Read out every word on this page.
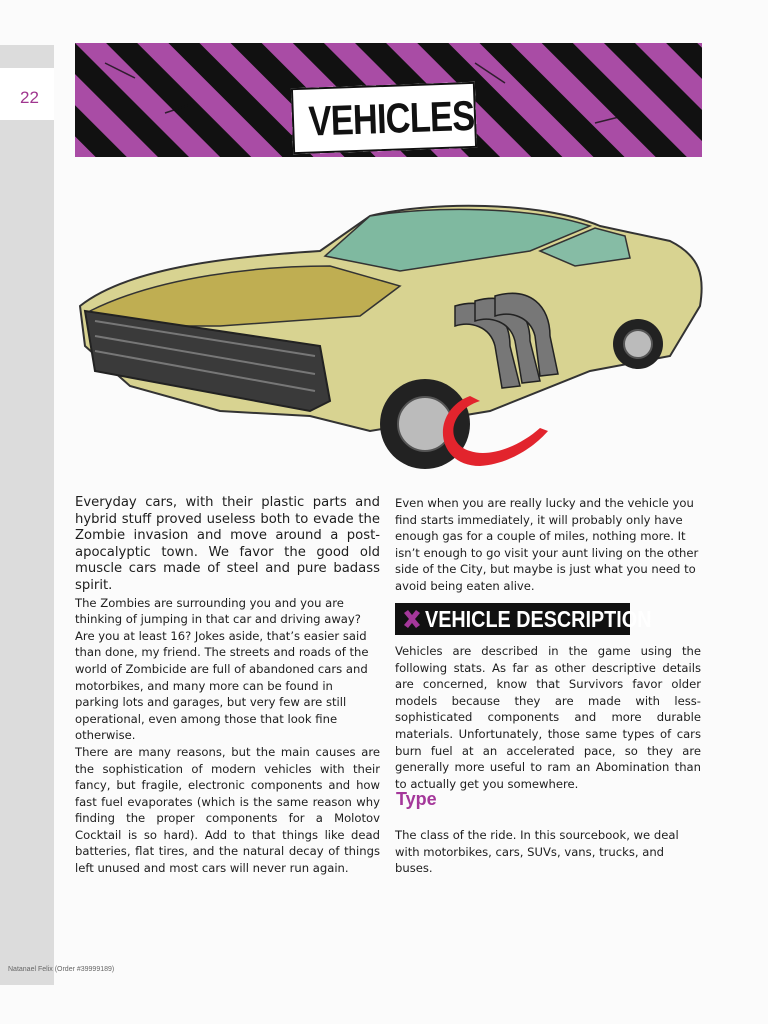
22	VEHICLES

Everyday cars, with their plastic parts and hybrid stuff proved useless both to evade the Zombie invasion and move around a post-apocalyptic town. We favor the good old muscle cars made of steel and pure badass spirit.

The Zombies are surrounding you and you are thinking of jumping in that car and driving away? Are you at least 16? Jokes aside, that’s easier said than done, my friend. The streets and roads of the world of Zombicide are full of abandoned cars and motorbikes, and many more can be found in parking lots and garages, but very few are still operational, even among those that look fine otherwise.

There are many reasons, but the main causes are the sophistication of modern vehicles with their fancy, but fragile, electronic components and how fast fuel evaporates (which is the same reason why finding the proper components for a Molotov Cocktail is so hard). Add to that things like dead batteries, flat tires, and the natural decay of things left unused and most cars will never run again.

Even when you are really lucky and the vehicle you find starts immediately, it will probably only have enough gas for a couple of miles, nothing more. It isn’t enough to go visit your aunt living on the other side of the City, but maybe is just what you need to avoid being eaten alive.

VEHICLE DESCRIPTION

Vehicles are described in the game using the following stats. As far as other descriptive details are concerned, know that Survivors favor older models because they are made with less-sophisticated components and more durable materials. Unfortunately, those same types of cars burn fuel at an accelerated pace, so they are generally more useful to ram an Abomination than to actually get you somewhere.

Type

The class of the ride. In this sourcebook, we deal with motorbikes, cars, SUVs, vans, trucks, and buses.

Natanael Felix (Order #39999189)
